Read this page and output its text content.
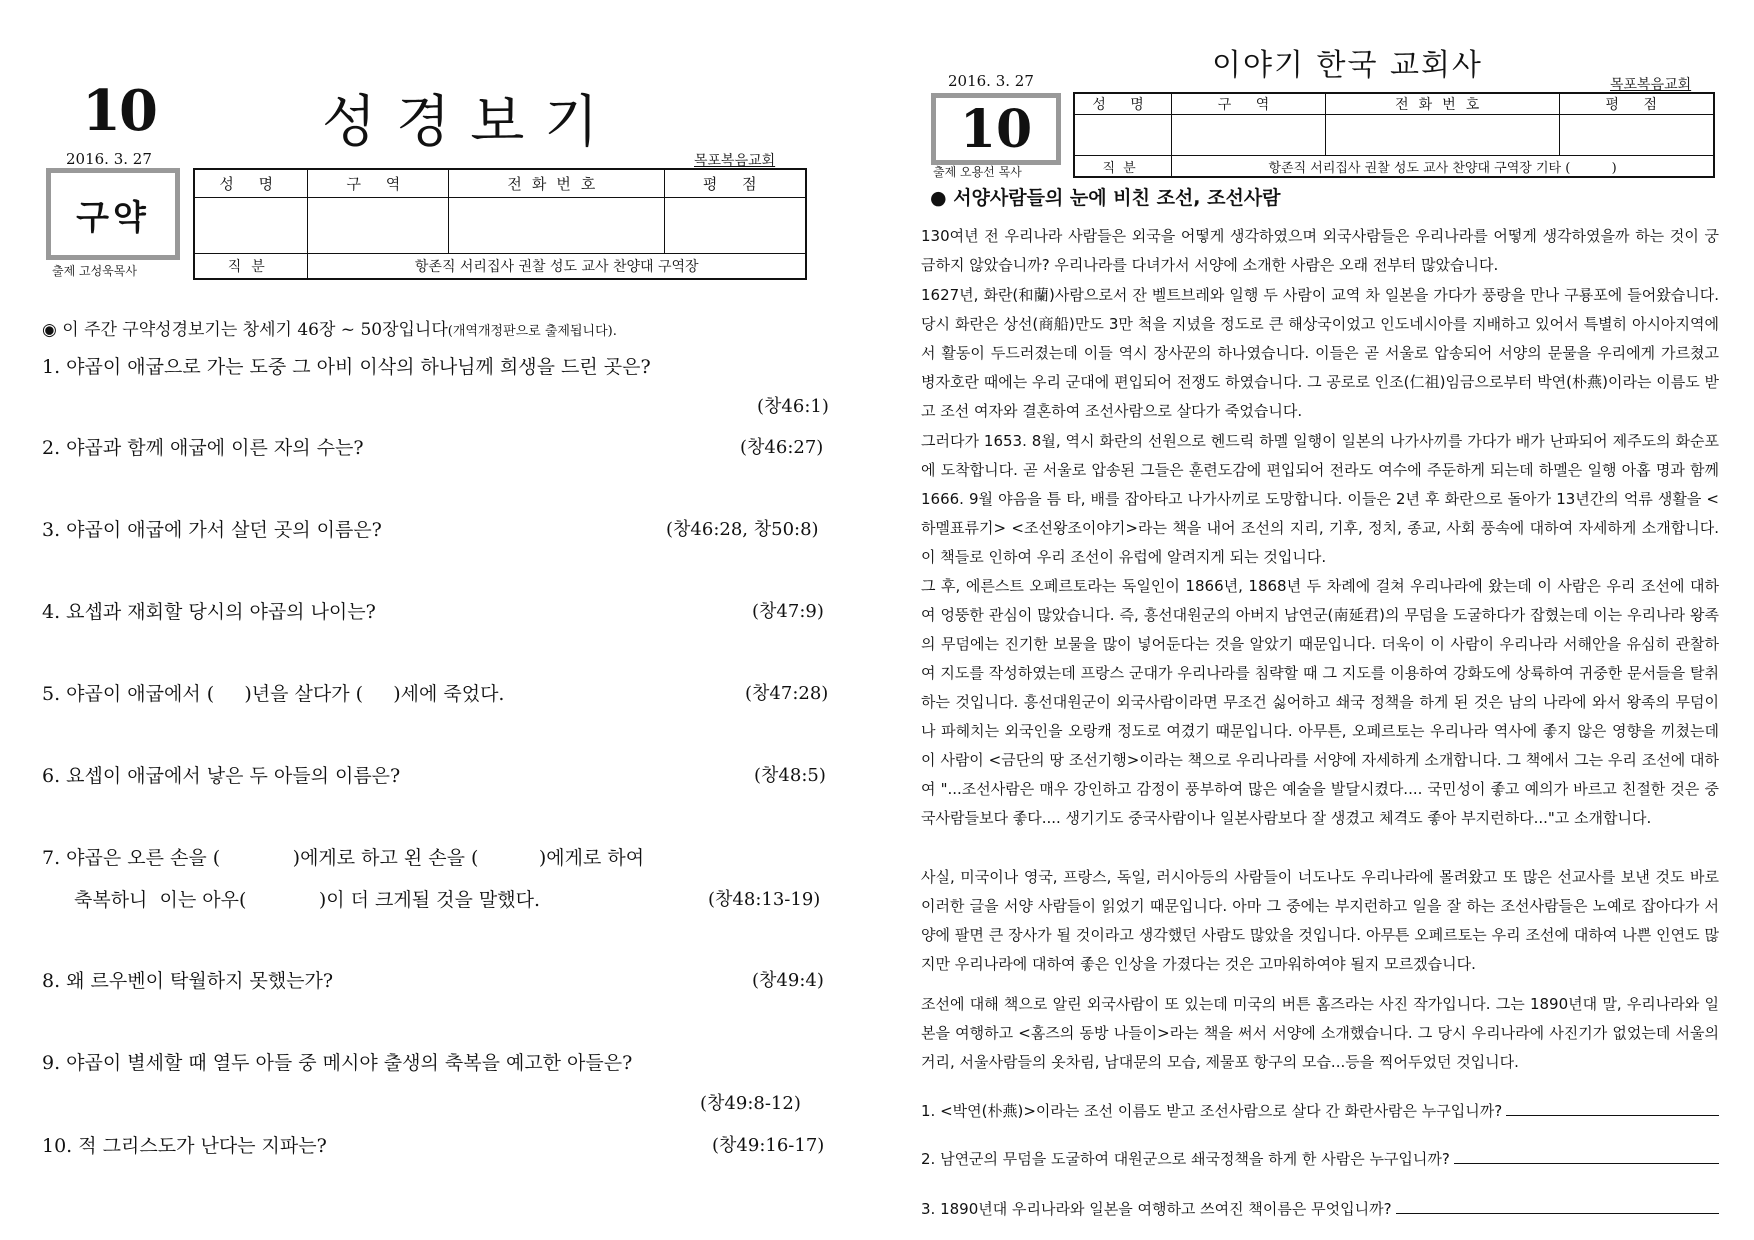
10	성경보기
2016. 3. 27	목포복음교회
구약
출제 고성욱목사
성 명	구 역	전화번호	평 점

직분	항존직 서리집사 권찰 성도 교사 찬양대 구역장		
◉ 이 주간 구약성경보기는 창세기 46장 ~ 50장입니다(개역개정판으로 출제됩니다).
1. 야곱이 애굽으로 가는 도중 그 아비 이삭의 하나님께 희생을 드린 곳은?
(창46:1)
2. 야곱과 함께 애굽에 이른 자의 수는?	(창46:27)
3. 야곱이 애굽에 가서 살던 곳의 이름은?	(창46:28, 창50:8)
4. 요셉과 재회할 당시의 야곱의 나이는?	(창47:9)
5. 야곱이 애굽에서 (     )년을 살다가 (     )세에 죽었다.	(창47:28)
6. 요셉이 애굽에서 낳은 두 아들의 이름은?	(창48:5)
7. 야곱은 오른 손을 (            )에게로 하고 왼 손을 (          )에게로 하여
축복하니  이는 아우(            )이 더 크게될 것을 말했다.	(창48:13-19)
8. 왜 르우벤이 탁월하지 못했는가?	(창49:4)
9. 야곱이 별세할 때 열두 아들 중 메시야 출생의 축복을 예고한 아들은?
(창49:8-12)
10. 적 그리스도가 난다는 지파는?	(창49:16-17)
이야기 한국 교회사
2016. 3. 27	목포복음교회
10
출제 오용선 목사
성 명	구 역	전화번호	평 점

직분	항존직 서리집사 권찰 성도 교사 찬양대 구역장 기타 (          )		
● 서양사람들의 눈에 비친 조선, 조선사람
130여년 전 우리나라 사람들은 외국을 어떻게 생각하였으며 외국사람들은 우리나라를 어떻게 생각하였을까 하는 것이 궁금하지 않았습니까? 우리나라를 다녀가서 서양에 소개한 사람은 오래 전부터 많았습니다.
1627년, 화란(和蘭)사람으로서 잔 벨트브레와 일행 두 사람이 교역 차 일본을 가다가 풍랑을 만나 구룡포에 들어왔습니다. 당시 화란은 상선(商船)만도 3만 척을 지녔을 정도로 큰 해상국이었고 인도네시아를 지배하고 있어서 특별히 아시아지역에서 활동이 두드러졌는데 이들 역시 장사꾼의 하나였습니다. 이들은 곧 서울로 압송되어 서양의 문물을 우리에게 가르쳤고 병자호란 때에는 우리 군대에 편입되어 전쟁도 하였습니다. 그 공로로 인조(仁祖)임금으로부터 박연(朴燕)이라는 이름도 받고 조선 여자와 결혼하여 조선사람으로 살다가 죽었습니다.
그러다가 1653. 8월, 역시 화란의 선원으로 헨드릭 하멜 일행이 일본의 나가사끼를 가다가 배가 난파되어 제주도의 화순포에 도착합니다. 곧 서울로 압송된 그들은 훈련도감에 편입되어 전라도 여수에 주둔하게 되는데 하멜은 일행 아홉 명과 함께 1666. 9월 야음을 틈 타, 배를 잡아타고 나가사끼로 도망합니다. 이들은 2년 후 화란으로 돌아가 13년간의 억류 생활을 <하멜표류기> <조선왕조이야기>라는 책을 내어 조선의 지리, 기후, 정치, 종교, 사회 풍속에 대하여 자세하게 소개합니다. 이 책들로 인하여 우리 조선이 유럽에 알려지게 되는 것입니다.
그 후, 에른스트 오페르토라는 독일인이 1866년, 1868년 두 차례에 걸쳐 우리나라에 왔는데 이 사람은 우리 조선에 대하여 엉뚱한 관심이 많았습니다. 즉, 흥선대원군의 아버지 남연군(南延君)의 무덤을 도굴하다가 잡혔는데 이는 우리나라 왕족의 무덤에는 진기한 보물을 많이 넣어둔다는 것을 알았기 때문입니다. 더욱이 이 사람이 우리나라 서해안을 유심히 관찰하여 지도를 작성하였는데 프랑스 군대가 우리나라를 침략할 때 그 지도를 이용하여 강화도에 상륙하여 귀중한 문서들을 탈취하는 것입니다. 흥선대원군이 외국사람이라면 무조건 싫어하고 쇄국 정책을 하게 된 것은 남의 나라에 와서 왕족의 무덤이나 파헤치는 외국인을 오랑캐 정도로 여겼기 때문입니다. 아무튼, 오페르토는 우리나라 역사에 좋지 않은 영향을 끼쳤는데 이 사람이 <금단의 땅 조선기행>이라는 책으로 우리나라를 서양에 자세하게 소개합니다. 그 책에서 그는 우리 조선에 대하여 "...조선사람은 매우 강인하고 감정이 풍부하여 많은 예술을 발달시켰다.... 국민성이 좋고 예의가 바르고 친절한 것은 중국사람들보다 좋다.... 생기기도 중국사람이나 일본사람보다 잘 생겼고 체격도 좋아 부지런하다..."고 소개합니다.
사실, 미국이나 영국, 프랑스, 독일, 러시아등의 사람들이 너도나도 우리나라에 몰려왔고 또 많은 선교사를 보낸 것도 바로 이러한 글을 서양 사람들이 읽었기 때문입니다. 아마 그 중에는 부지런하고 일을 잘 하는 조선사람들은 노예로 잡아다가 서양에 팔면 큰 장사가 될 것이라고 생각했던 사람도 많았을 것입니다. 아무튼 오페르토는 우리 조선에 대하여 나쁜 인연도 많지만 우리나라에 대하여 좋은 인상을 가졌다는 것은 고마워하여야 될지 모르겠습니다.
조선에 대해 책으로 알린 외국사람이 또 있는데 미국의 버튼 홈즈라는 사진 작가입니다. 그는 1890년대 말, 우리나라와 일본을 여행하고 <홈즈의 동방 나들이>라는 책을 써서 서양에 소개했습니다. 그 당시 우리나라에 사진기가 없었는데 서울의 거리, 서울사람들의 옷차림, 남대문의 모습, 제물포 항구의 모습...등을 찍어두었던 것입니다.
1. <박연(朴燕)>이라는 조선 이름도 받고 조선사람으로 살다 간 화란사람은 누구입니까?
2. 남연군의 무덤을 도굴하여 대원군으로 쇄국정책을 하게 한 사람은 누구입니까?
3. 1890년대 우리나라와 일본을 여행하고 쓰여진 책이름은 무엇입니까?
